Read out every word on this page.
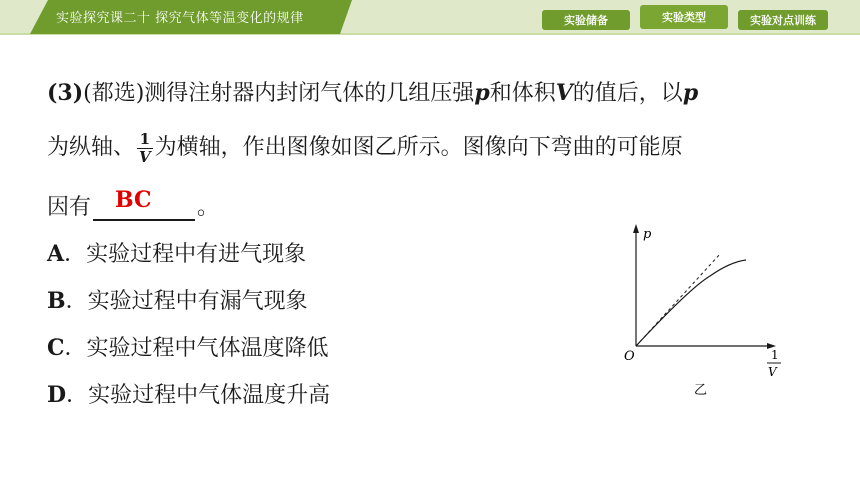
实验探究课二十 探究气体等温变化的规律	实验储备	实验类型	实验对点训练
(3)(都选)测得注射器内封闭气体的几组压强p和体积V的值后，以p
为纵轴、 $\frac{1}{V}$ 为横轴，作出图像如图乙所示。图像向下弯曲的可能原
因有 BC 。
A．实验过程中有进气现象
B．实验过程中有漏气现象
C．实验过程中气体温度降低
D．实验过程中气体温度升高
p
O	1
V
乙
